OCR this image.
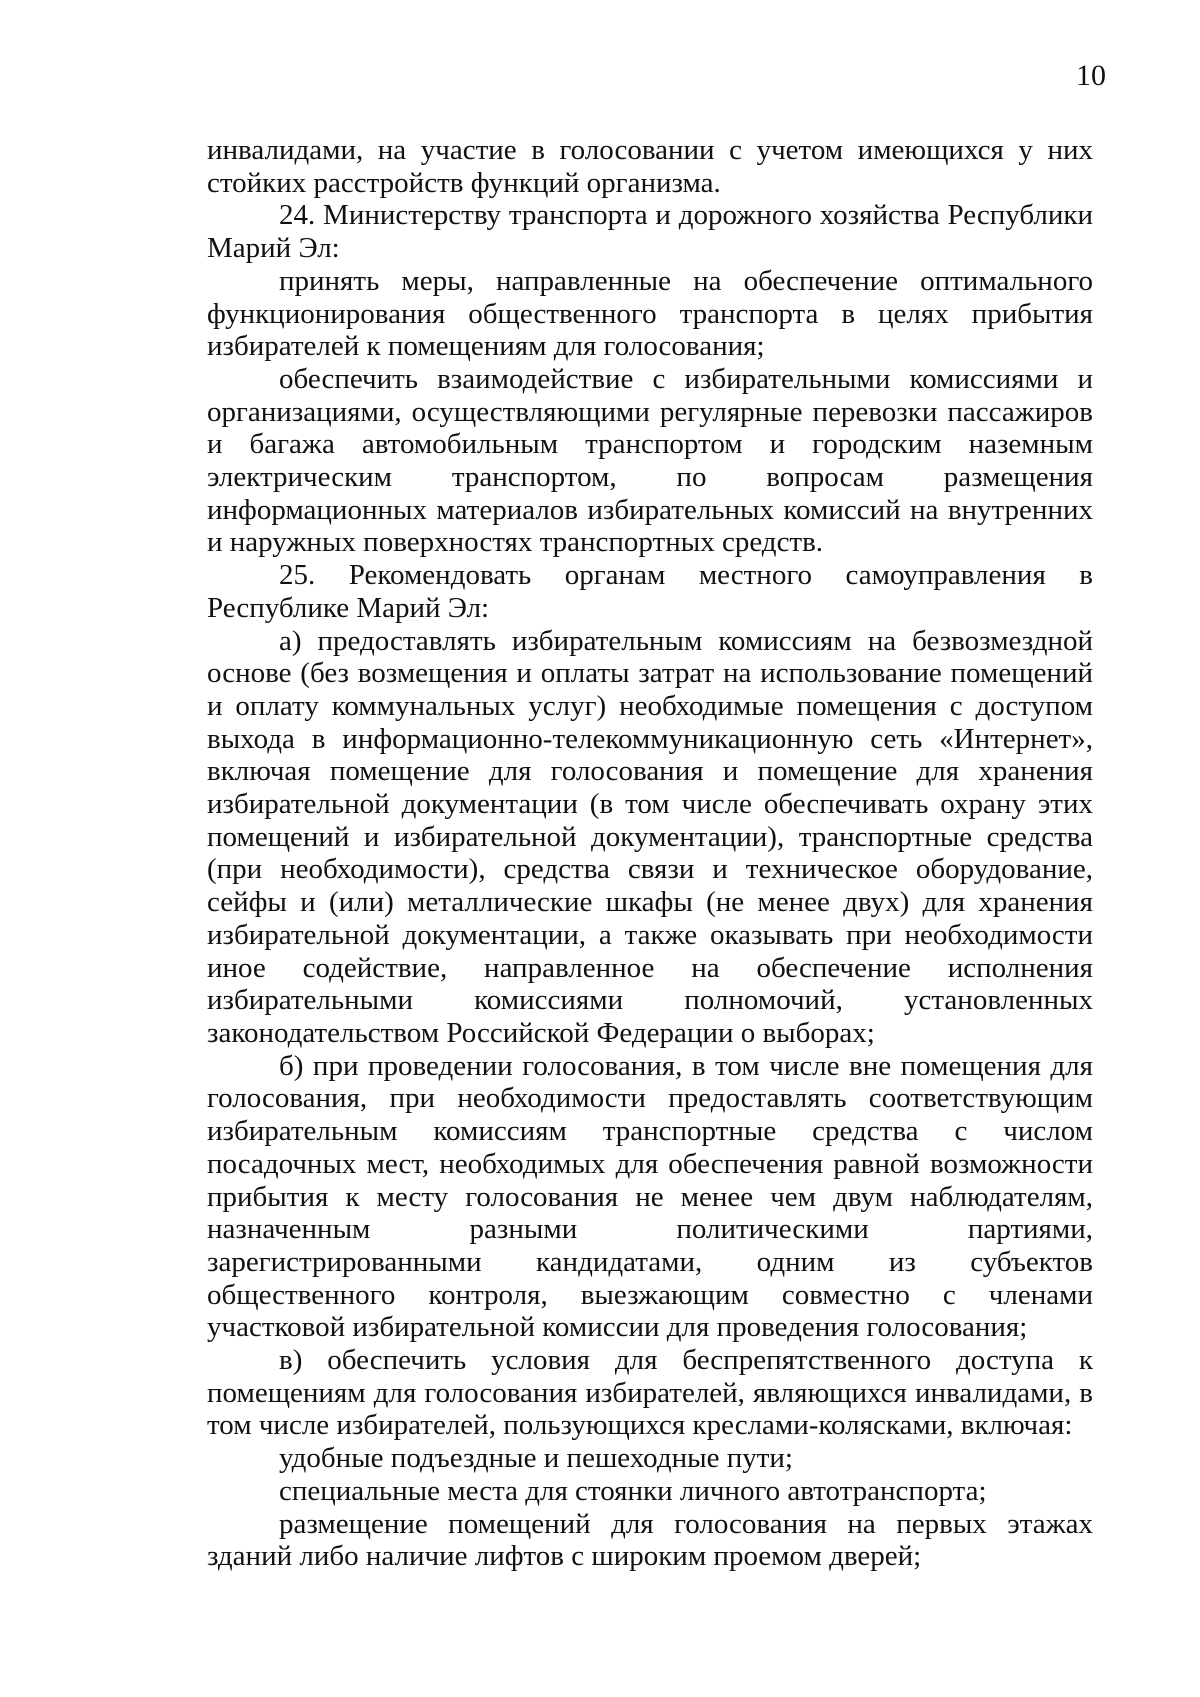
10

инвалидами, на участие в голосовании с учетом имеющихся у них стойких расстройств функций организма.

24. Министерству транспорта и дорожного хозяйства Республики Марий Эл:

принять меры, направленные на обеспечение оптимального функционирования общественного транспорта в целях прибытия избирателей к помещениям для голосования;

обеспечить взаимодействие с избирательными комиссиями и организациями, осуществляющими регулярные перевозки пассажиров и багажа автомобильным транспортом и городским наземным электрическим транспортом, по вопросам размещения информационных материалов избирательных комиссий на внутренних и наружных поверхностях транспортных средств.

25. Рекомендовать органам местного самоуправления в Республике Марий Эл:

а) предоставлять избирательным комиссиям на безвозмездной основе (без возмещения и оплаты затрат на использование помещений и оплату коммунальных услуг) необходимые помещения с доступом выхода в информационно-телекоммуникационную сеть «Интернет», включая помещение для голосования и помещение для хранения избирательной документации (в том числе обеспечивать охрану этих помещений и избирательной документации), транспортные средства (при необходимости), средства связи и техническое оборудование, сейфы и (или) металлические шкафы (не менее двух) для хранения избирательной документации, а также оказывать при необходимости иное содействие, направленное на обеспечение исполнения избирательными комиссиями полномочий, установленных законодательством Российской Федерации о выборах;

б) при проведении голосования, в том числе вне помещения для голосования, при необходимости предоставлять соответствующим избирательным комиссиям транспортные средства с числом посадочных мест, необходимых для обеспечения равной возможности прибытия к месту голосования не менее чем двум наблюдателям, назначенным разными политическими партиями, зарегистрированными кандидатами, одним из субъектов общественного контроля, выезжающим совместно с членами участковой избирательной комиссии для проведения голосования;

в) обеспечить условия для беспрепятственного доступа к помещениям для голосования избирателей, являющихся инвалидами, в том числе избирателей, пользующихся креслами-колясками, включая:

удобные подъездные и пешеходные пути;

специальные места для стоянки личного автотранспорта;

размещение помещений для голосования на первых этажах зданий либо наличие лифтов с широким проемом дверей;
